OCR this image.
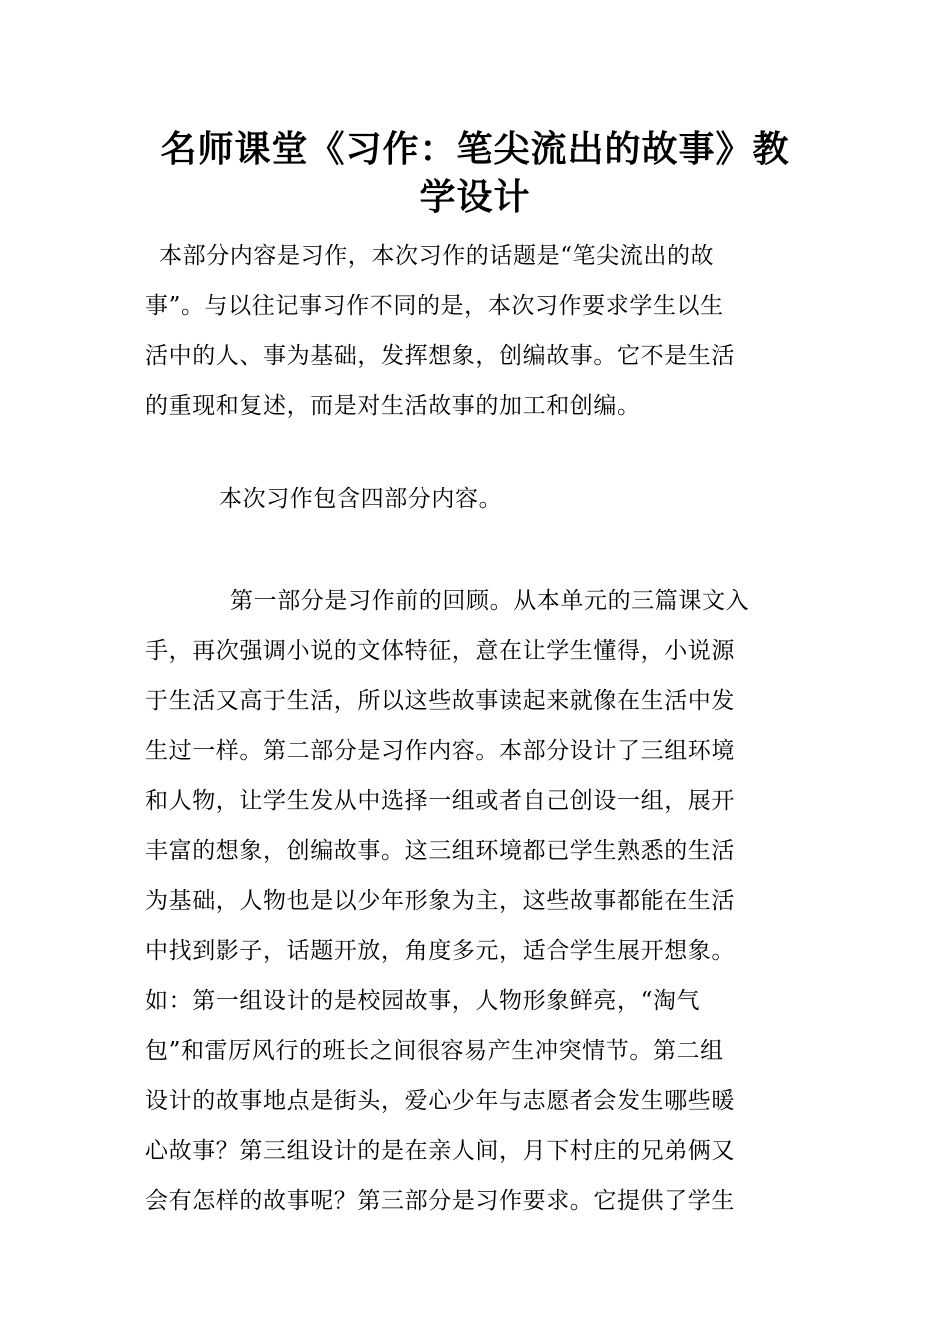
名师课堂《习作：笔尖流出的故事》教
学设计
本部分内容是习作，本次习作的话题是“笔尖流出的故
事”。与以往记事习作不同的是，本次习作要求学生以生
活中的人、事为基础，发挥想象，创编故事。它不是生活
的重现和复述，而是对生活故事的加工和创编。
本次习作包含四部分内容。
第一部分是习作前的回顾。从本单元的三篇课文入
手，再次强调小说的文体特征，意在让学生懂得，小说源
于生活又高于生活，所以这些故事读起来就像在生活中发
生过一样。第二部分是习作内容。本部分设计了三组环境
和人物，让学生发从中选择一组或者自己创设一组，展开
丰富的想象，创编故事。这三组环境都已学生熟悉的生活
为基础，人物也是以少年形象为主，这些故事都能在生活
中找到影子，话题开放，角度多元，适合学生展开想象。
如：第一组设计的是校园故事，人物形象鲜亮，“淘气
包”和雷厉风行的班长之间很容易产生冲突情节。第二组
设计的故事地点是街头，爱心少年与志愿者会发生哪些暖
心故事？第三组设计的是在亲人间，月下村庄的兄弟俩又
会有怎样的故事呢？第三部分是习作要求。它提供了学生
